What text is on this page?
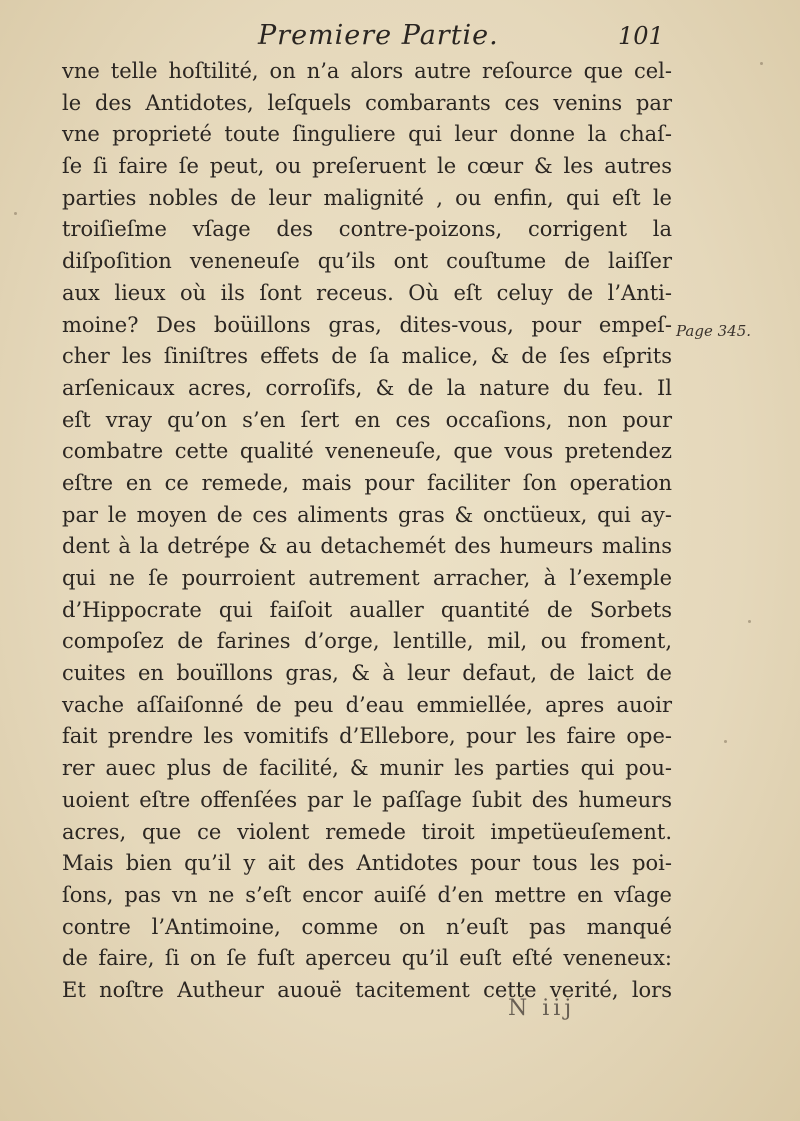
Premiere Partie.	101
vne telle hoſtilité, on n’a alors autre reſource que cel-
le des Antidotes, leſquels combarants ces venins par
vne proprieté toute ſinguliere qui leur donne la chaſ-
ſe ſi faire ſe peut, ou preſeruent le cœur & les autres
parties nobles de leur malignité , ou enfin, qui eſt le
troiſieſme vſage des contre-poizons, corrigent la
diſpoſition veneneuſe qu’ils ont couſtume de laiſſer
aux lieux où ils ſont receus. Où eſt celuy de l’Anti-
moine? Des boüillons gras, dites-vous, pour empeſ-
cher les ſiniſtres effets de ſa malice, & de ſes eſprits
arſenicaux acres, corroſifs, & de la nature du feu. Il
eſt vray qu’on s’en ſert en ces occaſions, non pour
combatre cette qualité veneneuſe, que vous pretendez
eſtre en ce remede, mais pour faciliter ſon operation
par le moyen de ces aliments gras & onctüeux, qui ay-
dent à la detrépe & au detachemét des humeurs malins
qui ne ſe pourroient autrement arracher, à l’exemple
d’Hippocrate qui faiſoit aualler quantité de Sorbets
compoſez de farines d’orge, lentille, mil, ou froment,
cuites en bouïllons gras, & à leur defaut, de laict de
vache aſſaiſonné de peu d’eau emmiellée, apres auoir
fait prendre les vomitifs d’Ellebore, pour les faire ope-
rer auec plus de facilité, & munir les parties qui pou-
uoient eſtre offenſées par le paſſage ſubit des humeurs
acres, que ce violent remede tiroit impetüeuſement.
Mais bien qu’il y ait des Antidotes pour tous les poi-
ſons, pas vn ne s’eſt encor auiſé d’en mettre en vſage
contre l’Antimoine, comme on n’euſt pas manqué
de faire, ſi on ſe fuſt aperceu qu’il euſt eſté veneneux:
Et noſtre Autheur auouë tacitement cette verité, lors
Page 345.
N iij
